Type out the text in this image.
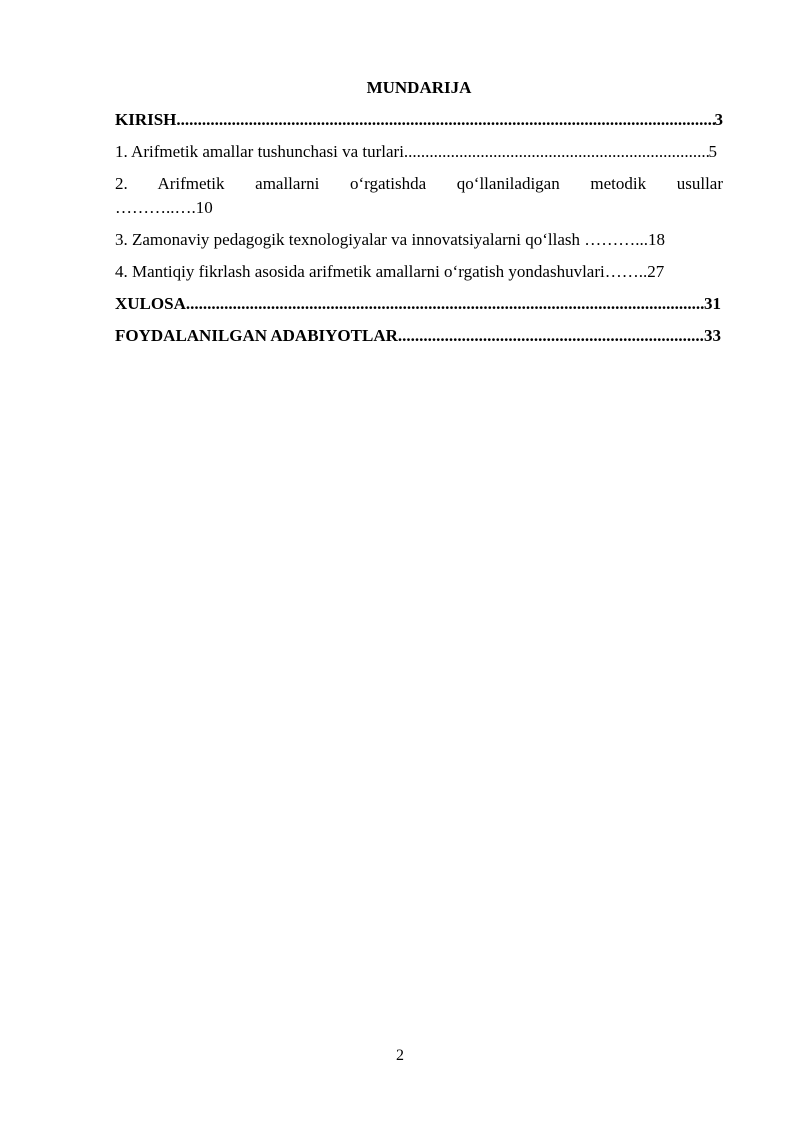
MUNDARIJA
KIRISH .....	3
1. Arifmetik amallar tushunchasi va turlari .....	5
2. Arifmetik amallarni o‘rgatishda qo‘llaniladigan metodik usullar
………..….10
3. Zamonaviy pedagogik texnologiyalar va innovatsiyalarni qo‘llash ………...18
4. Mantiqiy fikrlash asosida arifmetik amallarni o‘rgatish yondashuvlari……..27
XULOSA .....	31
FOYDALANILGAN ADABIYOTLAR .....	33
2
